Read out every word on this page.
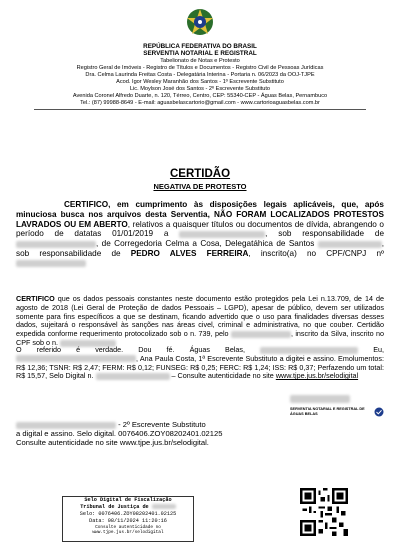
REPÚBLICA FEDERATIVA DO BRASIL
SERVENTIA NOTARIAL E REGISTRAL
Tabelionato de Notas e Protesto
Registro Geral de Imóveis - Registro de Títulos e Documentos - Registro Civil de Pessoas Jurídicas
Dra. Celma Laurinda Freitas Costa - Delegatária Interina - Portaria n. 06/2023 da OOJ-TJPE
Acod. Igor Wesley Maranhão dos Santos - 1º Escrevente Substituto
Lic. Moylson José dos Santos - 2º Escrevente Substituto
Avenida Coronel Alfredo Duarte, n. 120, Térreo, Centro, CEP: 55340-CEP - Águas Belas, Pernambuco
Tel.: (87) 99988-8649 - E-mail: aguasbelascartorio@gmail.com - www.cartorioaguasbelas.com.br
CERTIDÃO
NEGATIVA DE PROTESTO
CERTIFICO, em cumprimento às disposições legais aplicáveis, que, após minuciosa busca nos arquivos desta Serventia, NÃO FORAM LOCALIZADOS PROTESTOS LAVRADOS OU EM ABERTO, relativos a quaisquer títulos ou documentos de dívida, abrangendo o período de datatas 01/01/2019 a	, sob responsabilidade de , de Corregedoria Celma a Cosa, Delegatáhica de Santos	, sob responsabilidade de PEDRO ALVES FERREIRA, inscrito(a) no CPF/CNPJ nº
CERTIFICO que os dados pessoais constantes neste documento estão protegidos pela Lei n.13.709, de 14 de agosto de 2018 (Lei Geral de Proteção de dados Pessoais – LGPD), apesar de público, devem ser utilizados somente para fins específicos a que se destinam, ficando advertido que o uso para finalidades diversas desses dados, sujeitará o responsável às sanções nas áreas civel, criminal e administrativa, no que couber. Certidão expedida conforme requerimento protocolizado sob o n. 739, pelo	, inscrito da Silva, inscrito no CPF sob o n.
O referido é verdade. Dou fé. Águas Belas,	Eu, , Ana Paula Costa, 1ª Escrevente Substituto a digitei e assino. Emolumentos: R$ 12,36; TSNR: R$ 2,47; FERM: R$ 0,12; FUNSEG: R$ 0,25; FERC: R$ 1,24; ISS: R$ 0,37; Perfazendo um total: R$ 15,57, Selo Digital n.	– Consulte autenticidade no site www.tjpe.jus.br/selodigital
- 2º Escrevente Substituto
a digital e assino. Selo digital. 0076406.ZOY08202401.02125
Consulte autenticidade no site www.tjpe.jus.br/selodigital.
SERVENTIA NOTARIAL E REGISTRAL DE ÁGUAS BELAS
Selo Digital de Fiscalização
Tribunal de Justiça de
Selo: 0076406.ZOY08202401.02125
Data: 08/11/2024 11:20:16
Consulte autenticidade no
www.tjpe.jus.br/selodigital
